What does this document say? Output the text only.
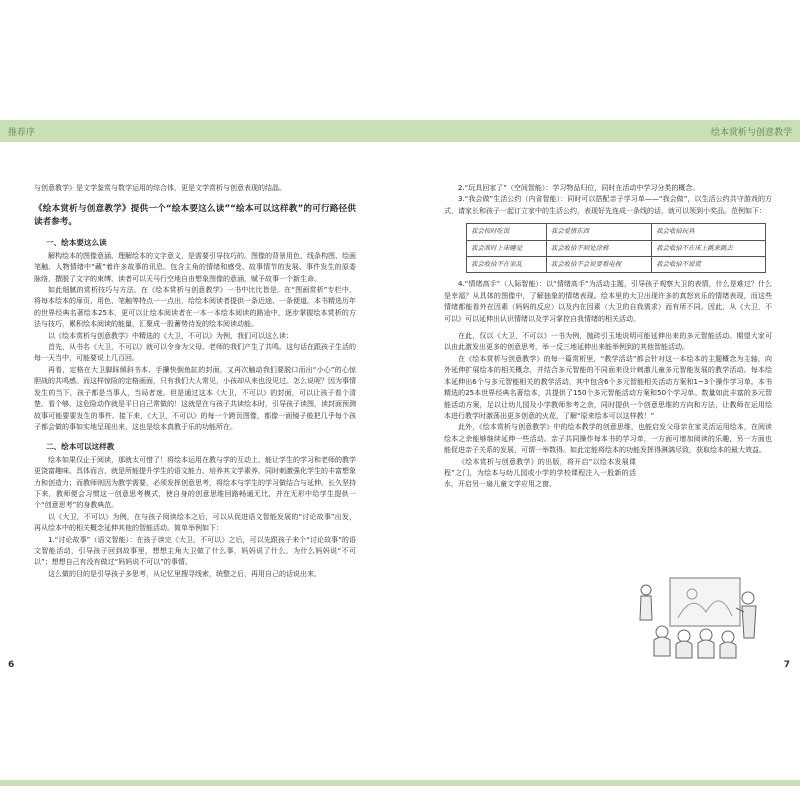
推荐序	绘本赏析与创意教学

与创意教学》是文学鉴赏与数学运用的综合体，更是文学赏析与创意表现的结晶。

《绘本赏析与创意教学》提供一个“绘本要这么读”“绘本可以这样教”的可行路径供读者参考。
一、绘本要这么读

解构绘本的图像意涵、理解绘本的文字意义，是需要引导技巧的。图像的背景用色、线条构图、绘画笔触、人物情绪中“藏”着许多故事的讯息。包含主角的情绪和感受、故事情节的发展、事件发生的原委脉络，撰脱了文字的束缚，读者可以天马行空地自由想象图像的意涵，赋予故事一个新生命。

如此细腻的赏析技巧与方法，在《绘本赏析与创意教学》一书中比比皆是。在“图画赏析”专栏中，将每本绘本的扉页、用色、笔触等特点一一点出，给绘本阅读者提供一条近途、一条便道。本书精选历年的世界经典名著绘本25本，更可以让绘本阅读者在一本一本绘本阅读的路途中，逐步掌握绘本赏析的方法与技巧，累积绘本阅读的能量，汇聚成一股蓄势待发的绘本阅读动能。

以《绘本赏析与创意教学》中精选的《大卫，不可以》为例，我们可以这么读：

首先，从书名《大卫，不可以》就可以令身为父母、老师的我们产生了共鸣。这句话在跟孩子生活的每一天当中，可能要说上几百回。

再看，定格在大卫脚踩倾斜书本、手攥快倒鱼缸的封面，又再次触动我们要脱口而出“小心”的心惊胆战的共鸣感。而这样惊险的定格画面，只有我们大人常见，小孩却从来也没见过。怎么说呢？因为事情发生的当下，孩子都是当事人，当局者迷。但是通过这本《大卫，不可以》的封面，可以让孩子看个清楚、看个够，这危险动作就是平日自己常做的！这就是在与孩子共读绘本时，引导孩子读图，读封面预测故事可能要要发生的事件。接下来，《大卫，不可以》的每一个跨页图像，都像一面镜子般把几乎每个孩子都会做的事如实地呈现出来，这也是绘本真教于乐的功能所在。

二、绘本可以这样教

绘本如果仅止于阅读，那就太可惜了！将绘本运用在教与学的互动上，能让学生的学习和老师的教学更饶富趣味。具体而言，就是所能提升学生的语文能力、培养其文学素养，同时刺激强化学生的丰富想象力和创造力；而教师则因为教学需要，必须发挥创意思考，将绘本与学生的学习做结合与延伸。长久坚持下来，教师便会习惯这一创意思考模式，使自身的创意思维回路畅通无比，并在无形中给学生提供一个“创意思考”的身教典范。

以《大卫，不可以》为例，在与孩子阅读绘本之后，可以从促进语文智能发展的“讨论故事”出发，再从绘本中的相关概念延伸其他的智能活动。简单举例如下：

1.“讨论故事”（语文智能）：在孩子读完《大卫，不可以》之后，可以先跟孩子来个“讨论故事”的语文智能活动，引导孩子回到故事里，想想主角大卫做了什么事，妈妈说了什么，为什么妈妈说“不可以”；想想自己有没有做过“妈妈说不可以”的事情。

这么做的目的是引导孩子多思考，从记忆里搜寻线索，统整之后，再用自己的话说出来。

2.“玩具回家了”（空间智能）：学习物品归位，同时在活动中学习分类的概念。

3.“我会做”生活公约（内省智能）：同时可以搭配亲子学习单——“我会做”，以生活公约共守游戏的方式，请家长和孩子一起订立家中的生活公约，表现好先连成一条线的话，就可以领到小奖品。范例如下：

我会按时吃饭	我会爱惜东西	我会收拾玩具
我会准时上床睡觉	我会收拾不到处涂鸦	我会收拾不在床上跳来跳去
我会收拾不在家乱	我会收拾不会说要看电视	我会收拾不说谎

4.“情绪高手”（人际智能）：以“情绪高手”为活动主题，引导孩子观察大卫的表情，什么是难过？什么是幸福？从具体的图像中，了解抽象的情绪表现。绘本里的大卫出现许多的真怒哀乐的情绪表现，而这些情绪都能看外在因素（妈妈的反应）以及内在因素（大卫的自我需求）而有所不同。因此，从《大卫，不可以》可以延伸出认识情绪以及学习掌控自我情绪的相关活动。

在此，仅以《大卫，不可以》一书为例，抛砖引玉地说明可能延伸出来的多元智能活动。期望大家可以由此激发出更多的创意思考，举一反三地延伸出来能举例到的其他智能活动。

在《绘本赏析与创意教学》的每一篇赏析里，“教学活动”都会针对这一本绘本的主题概念为主轴，向外延伸扩展绘本的相关概念，并结合多元智能的不同面来设计刺激儿童多元智能发展的教学活动。每本绘本延伸出6个与多元智能相关的教学活动，其中包含6个多元智能相关活动方案和1~3个操作学习单。本书精选的25本世界经典名著绘本，共提供了150个多元智能活动方案和50个学习单。数量如此丰富的多元智能活动方案，足以让幼儿园及小学教师参考之余，同时提供一个创意思维的方向和方法，让教师在运用绘本进行教学时激荡出更多创意的火花，了解“原来绘本可以这样教！”

此外，《绘本赏析与创意教学》中的绘本教学的创意思维，也能启发父母亲在家灵活运用绘本，在阅读绘本之余能够继续延伸一些活动。亲子共同操作每本书的学习单，一方面可增加阅读的乐趣，另一方面也能促进亲子关系的发展，可谓一举数得。如此定能将绘本的功能发挥得淋漓尽致，获取绘本的最大效益。

《绘本赏析与创意教学》的出版，将开启“以绘本发展课程”之门，为绘本与幼儿园或小学的学校课程注入一股新的活水，开启另一扇儿童文学应用之窗。

6	7
